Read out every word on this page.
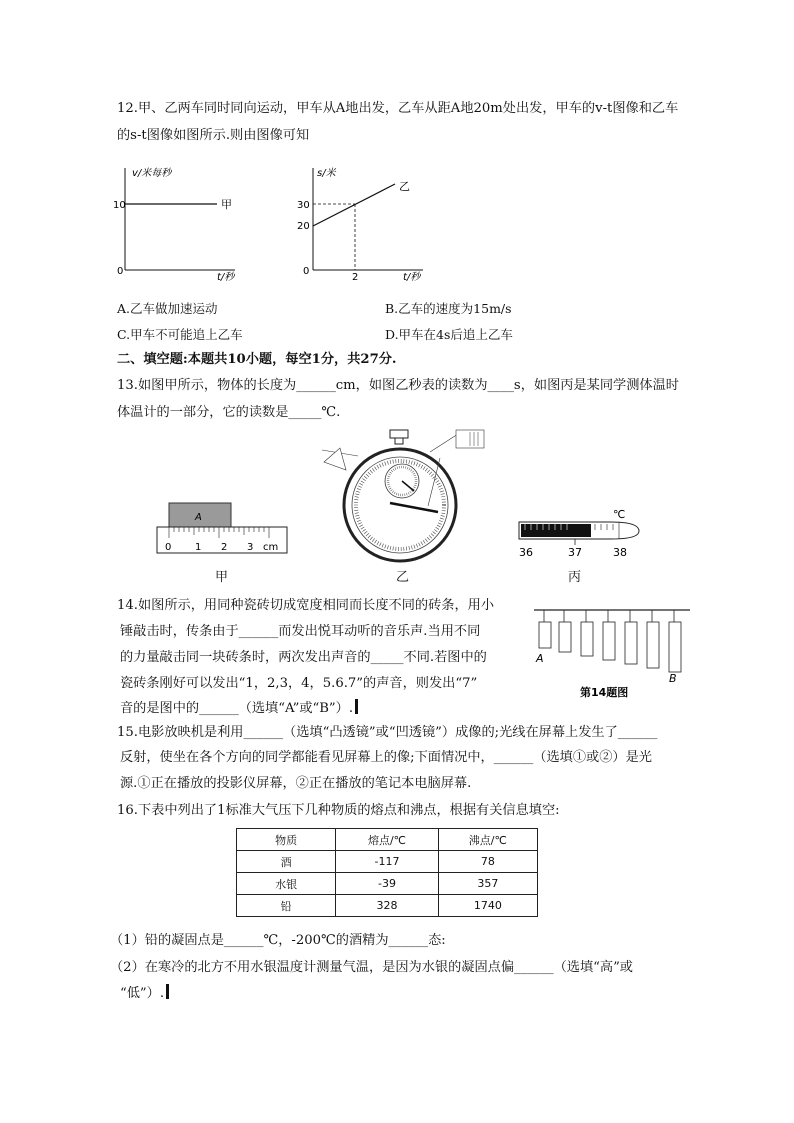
12.甲、乙两车同时同向运动，甲车从A地出发，乙车从距A地20m处出发，甲车的v-t图像和乙车
的s-t图像如图所示.则由图像可知
v/米每秒
10
0
t/秒
甲
s/米
30
20
0
2	t/秒
乙
A.乙车做加速运动	B.乙车的速度为15m/s
C.甲车不可能追上乙车	D.甲车在4s后追上乙车
二、填空题:本题共10小题，每空1分，共27分.
13.如图甲所示，物体的长度为______cm，如图乙秒表的读数为____s，如图丙是某同学测体温时
体温计的一部分，它的读数是_____℃.
A
0 1 2 3 cm
甲	乙
℃
36	37	38
丙
14.如图所示，用同种瓷砖切成宽度相同而长度不同的砖条，用小
锤敲击时，传条由于______而发出悦耳动听的音乐声.当用不同
的力量敲击同一块砖条时，两次发出声音的_____不同.若图中的
瓷砖条刚好可以发出“1，2,3，4，5.6.7”的声音，则发出“7”
音的是图中的______（选填“A”或“B”）.
A
B
第14题图
15.电影放映机是利用______（选填“凸透镜”或“凹透镜”）成像的;光线在屏幕上发生了______
反射，使坐在各个方向的同学都能看见屏幕上的像;下面情况中，______（选填①或②）是光
源.①正在播放的投影仪屏幕，②正在播放的笔记本电脑屏幕.
16.下表中列出了1标准大气压下几种物质的熔点和沸点，根据有关信息填空:
物质	熔点/℃	沸点/℃
酒	-117	78
水银	-39	357
铅	328	1740
（1）铅的凝固点是______℃，-200℃的酒精为______态:
（2）在寒冷的北方不用水银温度计测量气温，是因为水银的凝固点偏______（选填“高”或
“低”）.
